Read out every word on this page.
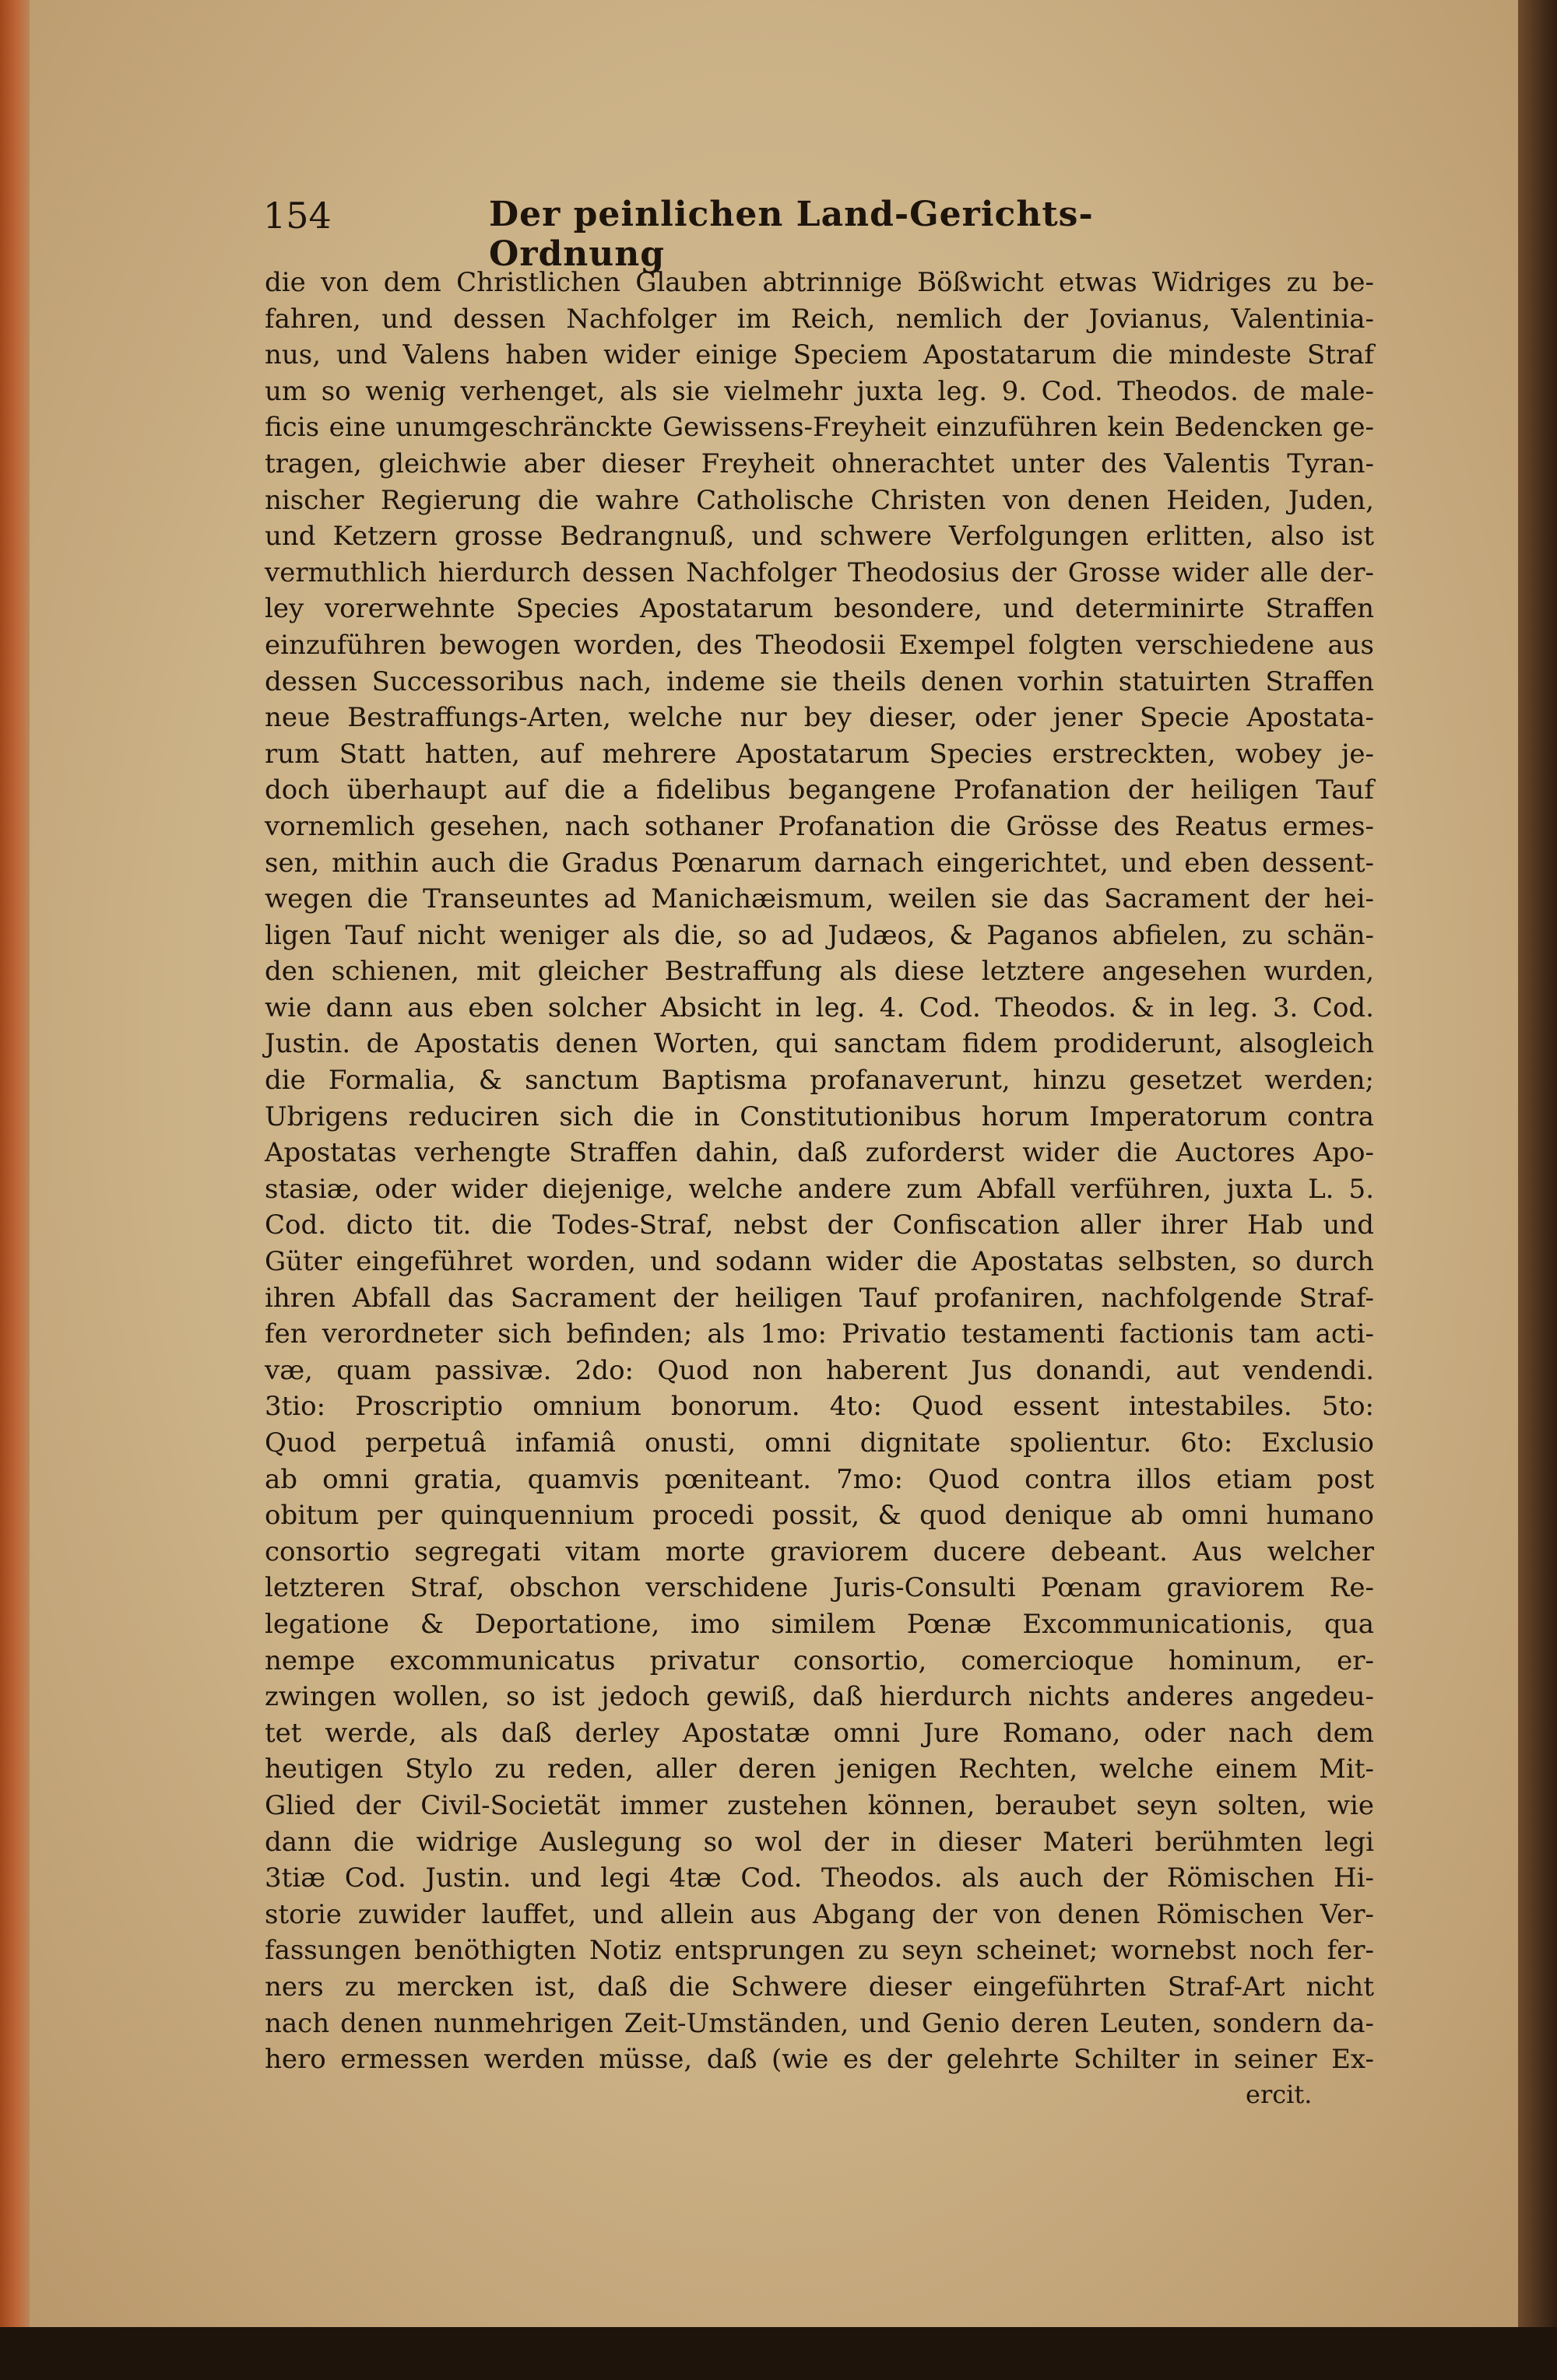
154	Der peinlichen Land-Gerichts-Ordnung
die von dem Christlichen Glauben abtrinnige Bößwicht etwas Widriges zu be-
fahren, und dessen Nachfolger im Reich, nemlich der Jovianus, Valentinia-
nus, und Valens haben wider einige Speciem Apostatarum die mindeste Straf
um so wenig verhenget, als sie vielmehr juxta leg. 9. Cod. Theodos. de male-
ficis eine unumgeschränckte Gewissens-Freyheit einzuführen kein Bedencken ge-
tragen, gleichwie aber dieser Freyheit ohnerachtet unter des Valentis Tyran-
nischer Regierung die wahre Catholische Christen von denen Heiden, Juden,
und Ketzern grosse Bedrangnuß, und schwere Verfolgungen erlitten, also ist
vermuthlich hierdurch dessen Nachfolger Theodosius der Grosse wider alle der-
ley vorerwehnte Species Apostatarum besondere, und determinirte Straffen
einzuführen bewogen worden, des Theodosii Exempel folgten verschiedene aus
dessen Successoribus nach, indeme sie theils denen vorhin statuirten Straffen
neue Bestraffungs-Arten, welche nur bey dieser, oder jener Specie Apostata-
rum Statt hatten, auf mehrere Apostatarum Species erstreckten, wobey je-
doch überhaupt auf die a fidelibus begangene Profanation der heiligen Tauf
vornemlich gesehen, nach sothaner Profanation die Grösse des Reatus ermes-
sen, mithin auch die Gradus Pœnarum darnach eingerichtet, und eben dessent-
wegen die Transeuntes ad Manichæismum, weilen sie das Sacrament der hei-
ligen Tauf nicht weniger als die, so ad Judæos, & Paganos abfielen, zu schän-
den schienen, mit gleicher Bestraffung als diese letztere angesehen wurden,
wie dann aus eben solcher Absicht in leg. 4. Cod. Theodos. & in leg. 3. Cod.
Justin. de Apostatis denen Worten, qui sanctam fidem prodiderunt, alsogleich
die Formalia, & sanctum Baptisma profanaverunt, hinzu gesetzet werden;
Ubrigens reduciren sich die in Constitutionibus horum Imperatorum contra
Apostatas verhengte Straffen dahin, daß zuforderst wider die Auctores Apo-
stasiæ, oder wider diejenige, welche andere zum Abfall verführen, juxta L. 5.
Cod. dicto tit. die Todes-Straf, nebst der Confiscation aller ihrer Hab und
Güter eingeführet worden, und sodann wider die Apostatas selbsten, so durch
ihren Abfall das Sacrament der heiligen Tauf profaniren, nachfolgende Straf-
fen verordneter sich befinden; als 1mo: Privatio testamenti factionis tam acti-
væ, quam passivæ. 2do: Quod non haberent Jus donandi, aut vendendi.
3tio: Proscriptio omnium bonorum. 4to: Quod essent intestabiles. 5to:
Quod perpetuâ infamiâ onusti, omni dignitate spolientur. 6to: Exclusio
ab omni gratia, quamvis pœniteant. 7mo: Quod contra illos etiam post
obitum per quinquennium procedi possit, & quod denique ab omni humano
consortio segregati vitam morte graviorem ducere debeant. Aus welcher
letzteren Straf, obschon verschidene Juris-Consulti Pœnam graviorem Re-
legatione & Deportatione, imo similem Pœnæ Excommunicationis, qua
nempe excommunicatus privatur consortio, comercioque hominum, er-
zwingen wollen, so ist jedoch gewiß, daß hierdurch nichts anderes angedeu-
tet werde, als daß derley Apostatæ omni Jure Romano, oder nach dem
heutigen Stylo zu reden, aller deren jenigen Rechten, welche einem Mit-
Glied der Civil-Societät immer zustehen können, beraubet seyn solten, wie
dann die widrige Auslegung so wol der in dieser Materi berühmten legi
3tiæ Cod. Justin. und legi 4tæ Cod. Theodos. als auch der Römischen Hi-
storie zuwider lauffet, und allein aus Abgang der von denen Römischen Ver-
fassungen benöthigten Notiz entsprungen zu seyn scheinet; wornebst noch fer-
ners zu mercken ist, daß die Schwere dieser eingeführten Straf-Art nicht
nach denen nunmehrigen Zeit-Umständen, und Genio deren Leuten, sondern da-
hero ermessen werden müsse, daß (wie es der gelehrte Schilter in seiner Ex-
ercit.
